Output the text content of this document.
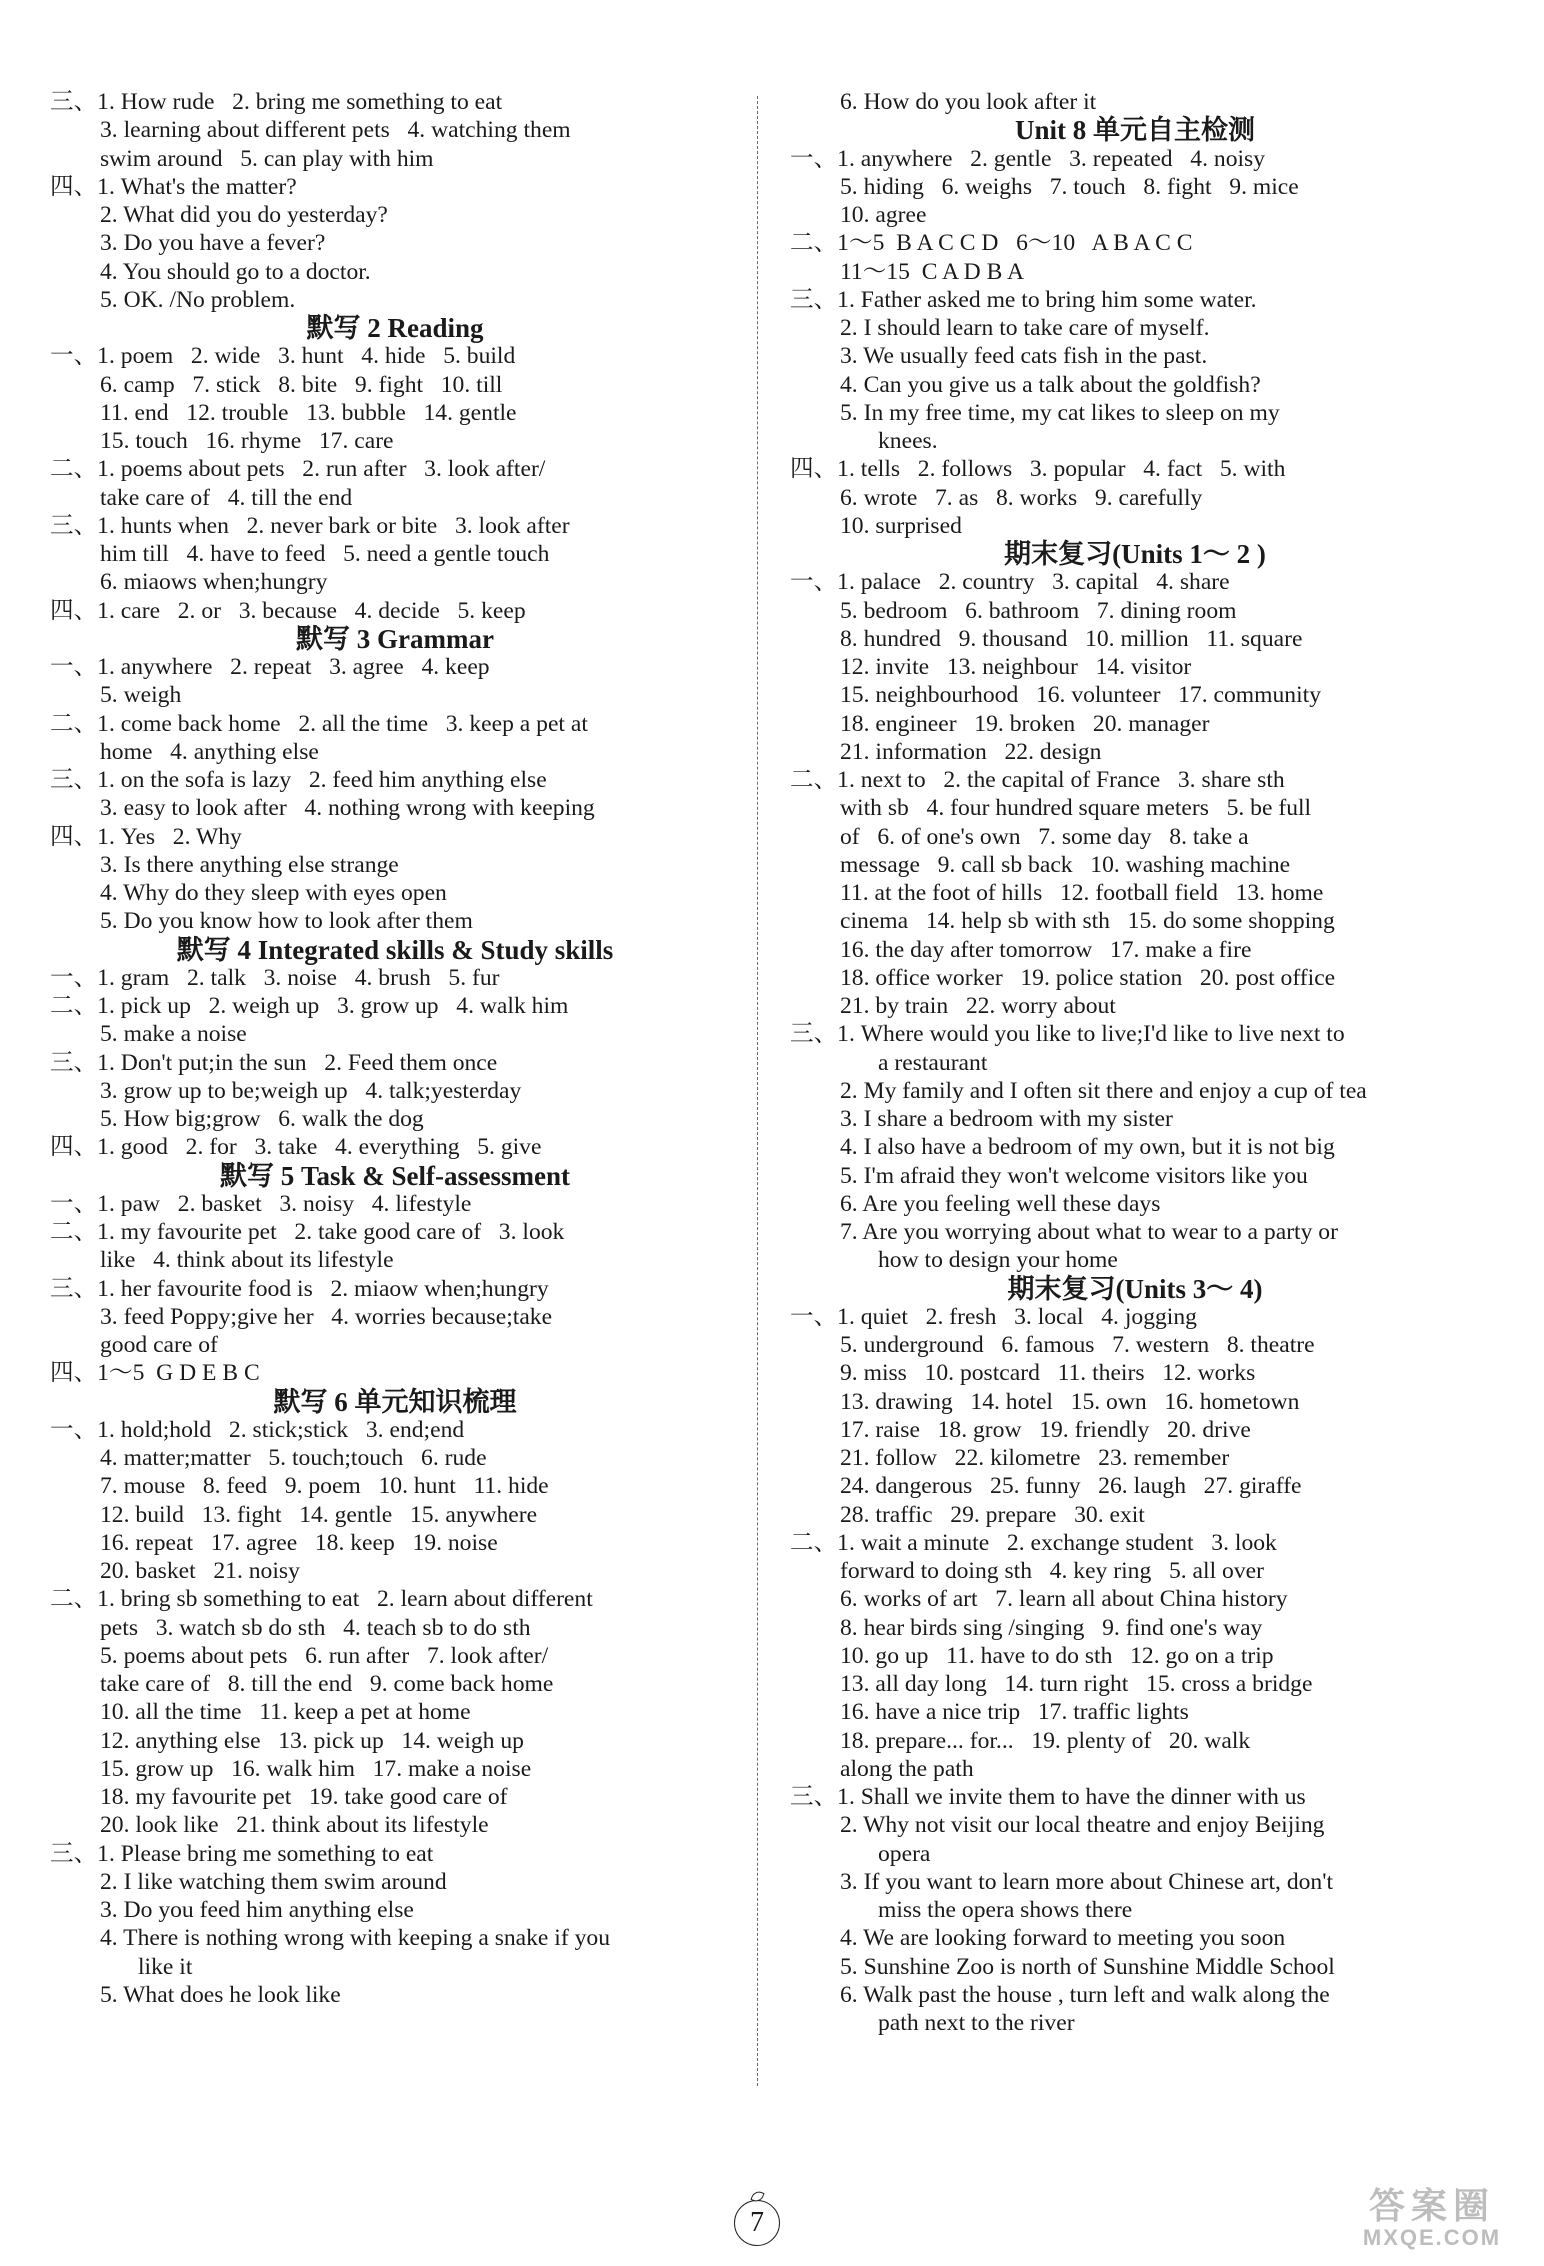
三、1. How rude   2. bring me something to eat
3. learning about different pets   4. watching them
swim around   5. can play with him
四、1. What's the matter?
2. What did you do yesterday?
3. Do you have a fever?
4. You should go to a doctor.
5. OK. /No problem.
默写 2 Reading
一、1. poem   2. wide   3. hunt   4. hide   5. build
6. camp   7. stick   8. bite   9. fight   10. till
11. end   12. trouble   13. bubble   14. gentle
15. touch   16. rhyme   17. care
二、1. poems about pets   2. run after   3. look after/
take care of   4. till the end
三、1. hunts when   2. never bark or bite   3. look after
him till   4. have to feed   5. need a gentle touch
6. miaows when;hungry
四、1. care   2. or   3. because   4. decide   5. keep
默写 3 Grammar
一、1. anywhere   2. repeat   3. agree   4. keep
5. weigh
二、1. come back home   2. all the time   3. keep a pet at
home   4. anything else
三、1. on the sofa is lazy   2. feed him anything else
3. easy to look after   4. nothing wrong with keeping
四、1. Yes   2. Why
3. Is there anything else strange
4. Why do they sleep with eyes open
5. Do you know how to look after them
默写 4 Integrated skills & Study skills
一、1. gram   2. talk   3. noise   4. brush   5. fur
二、1. pick up   2. weigh up   3. grow up   4. walk him
5. make a noise
三、1. Don't put;in the sun   2. Feed them once
3. grow up to be;weigh up   4. talk;yesterday
5. How big;grow   6. walk the dog
四、1. good   2. for   3. take   4. everything   5. give
默写 5 Task & Self-assessment
一、1. paw   2. basket   3. noisy   4. lifestyle
二、1. my favourite pet   2. take good care of   3. look
like   4. think about its lifestyle
三、1. her favourite food is   2. miaow when;hungry
3. feed Poppy;give her   4. worries because;take
good care of
四、1～5  G D E B C
默写 6 单元知识梳理
一、1. hold;hold   2. stick;stick   3. end;end
4. matter;matter   5. touch;touch   6. rude
7. mouse   8. feed   9. poem   10. hunt   11. hide
12. build   13. fight   14. gentle   15. anywhere
16. repeat   17. agree   18. keep   19. noise
20. basket   21. noisy
二、1. bring sb something to eat   2. learn about different
pets   3. watch sb do sth   4. teach sb to do sth
5. poems about pets   6. run after   7. look after/
take care of   8. till the end   9. come back home
10. all the time   11. keep a pet at home
12. anything else   13. pick up   14. weigh up
15. grow up   16. walk him   17. make a noise
18. my favourite pet   19. take good care of
20. look like   21. think about its lifestyle
三、1. Please bring me something to eat
2. I like watching them swim around
3. Do you feed him anything else
4. There is nothing wrong with keeping a snake if you
like it
5. What does he look like
6. How do you look after it
Unit 8 单元自主检测
一、1. anywhere   2. gentle   3. repeated   4. noisy
5. hiding   6. weighs   7. touch   8. fight   9. mice
10. agree
二、1～5  B A C C D   6～10   A B A C C
11～15  C A D B A
三、1. Father asked me to bring him some water.
2. I should learn to take care of myself.
3. We usually feed cats fish in the past.
4. Can you give us a talk about the goldfish?
5. In my free time, my cat likes to sleep on my
knees.
四、1. tells   2. follows   3. popular   4. fact   5. with
6. wrote   7. as   8. works   9. carefully
10. surprised
期末复习(Units 1～ 2 )
一、1. palace   2. country   3. capital   4. share
5. bedroom   6. bathroom   7. dining room
8. hundred   9. thousand   10. million   11. square
12. invite   13. neighbour   14. visitor
15. neighbourhood   16. volunteer   17. community
18. engineer   19. broken   20. manager
21. information   22. design
二、1. next to   2. the capital of France   3. share sth
with sb   4. four hundred square meters   5. be full
of   6. of one's own   7. some day   8. take a
message   9. call sb back   10. washing machine
11. at the foot of hills   12. football field   13. home
cinema   14. help sb with sth   15. do some shopping
16. the day after tomorrow   17. make a fire
18. office worker   19. police station   20. post office
21. by train   22. worry about
三、1. Where would you like to live;I'd like to live next to
a restaurant
2. My family and I often sit there and enjoy a cup of tea
3. I share a bedroom with my sister
4. I also have a bedroom of my own, but it is not big
5. I'm afraid they won't welcome visitors like you
6. Are you feeling well these days
7. Are you worrying about what to wear to a party or
how to design your home
期末复习(Units 3～ 4)
一、1. quiet   2. fresh   3. local   4. jogging
5. underground   6. famous   7. western   8. theatre
9. miss   10. postcard   11. theirs   12. works
13. drawing   14. hotel   15. own   16. hometown
17. raise   18. grow   19. friendly   20. drive
21. follow   22. kilometre   23. remember
24. dangerous   25. funny   26. laugh   27. giraffe
28. traffic   29. prepare   30. exit
二、1. wait a minute   2. exchange student   3. look
forward to doing sth   4. key ring   5. all over
6. works of art   7. learn all about China history
8. hear birds sing /singing   9. find one's way
10. go up   11. have to do sth   12. go on a trip
13. all day long   14. turn right   15. cross a bridge
16. have a nice trip   17. traffic lights
18. prepare... for...   19. plenty of   20. walk
along the path
三、1. Shall we invite them to have the dinner with us
2. Why not visit our local theatre and enjoy Beijing
opera
3. If you want to learn more about Chinese art, don't
miss the opera shows there
4. We are looking forward to meeting you soon
5. Sunshine Zoo is north of Sunshine Middle School
6. Walk past the house , turn left and walk along the
path next to the river
7	答案圈
MXQE.COM
